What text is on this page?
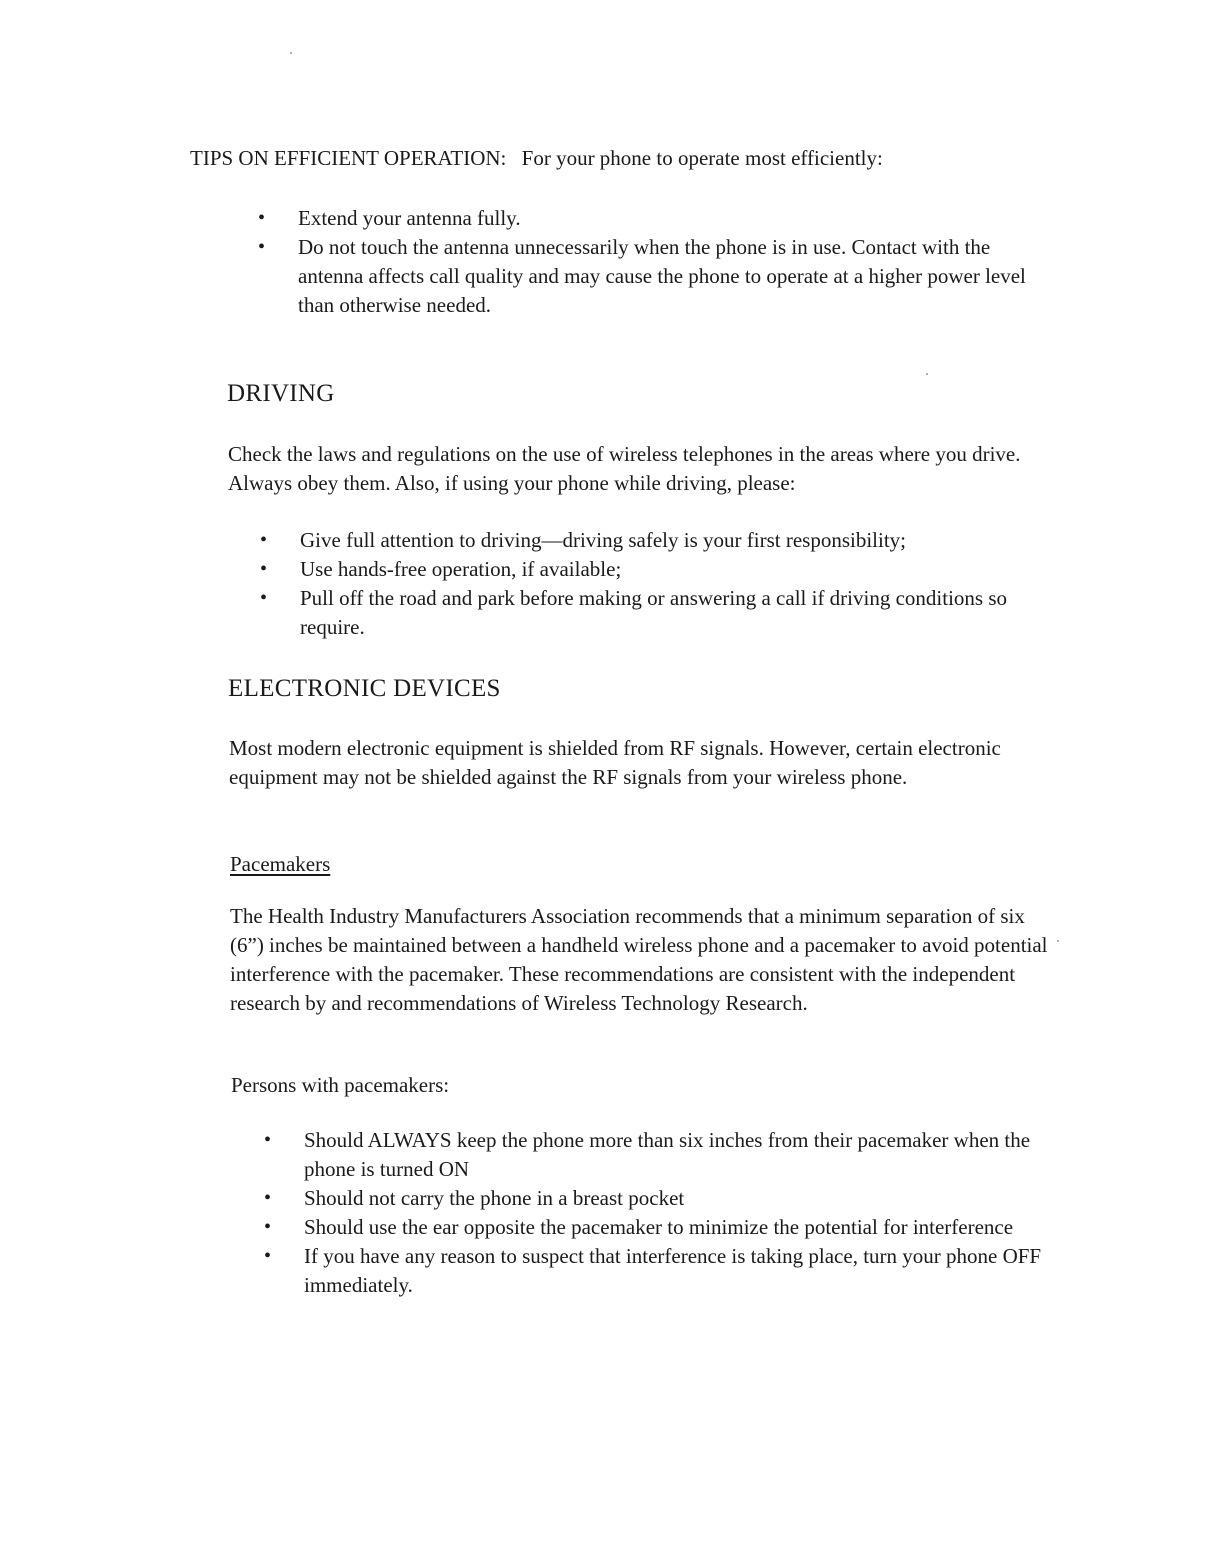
TIPS ON EFFICIENT OPERATION: For your phone to operate most efficiently:
• Extend your antenna fully.
• Do not touch the antenna unnecessarily when the phone is in use. Contact with the antenna affects call quality and may cause the phone to operate at a higher power level than otherwise needed.
DRIVING

Check the laws and regulations on the use of wireless telephones in the areas where you drive. Always obey them. Also, if using your phone while driving, please:

• Give full attention to driving—driving safely is your first responsibility;
• Use hands-free operation, if available;
• Pull off the road and park before making or answering a call if driving conditions so require.
ELECTRONIC DEVICES

Most modern electronic equipment is shielded from RF signals. However, certain electronic equipment may not be shielded against the RF signals from your wireless phone.

Pacemakers

The Health Industry Manufacturers Association recommends that a minimum separation of six (6”) inches be maintained between a handheld wireless phone and a pacemaker to avoid potential interference with the pacemaker. These recommendations are consistent with the independent research by and recommendations of Wireless Technology Research.

Persons with pacemakers:

• Should ALWAYS keep the phone more than six inches from their pacemaker when the phone is turned ON
• Should not carry the phone in a breast pocket
• Should use the ear opposite the pacemaker to minimize the potential for interference
• If you have any reason to suspect that interference is taking place, turn your phone OFF immediately.
